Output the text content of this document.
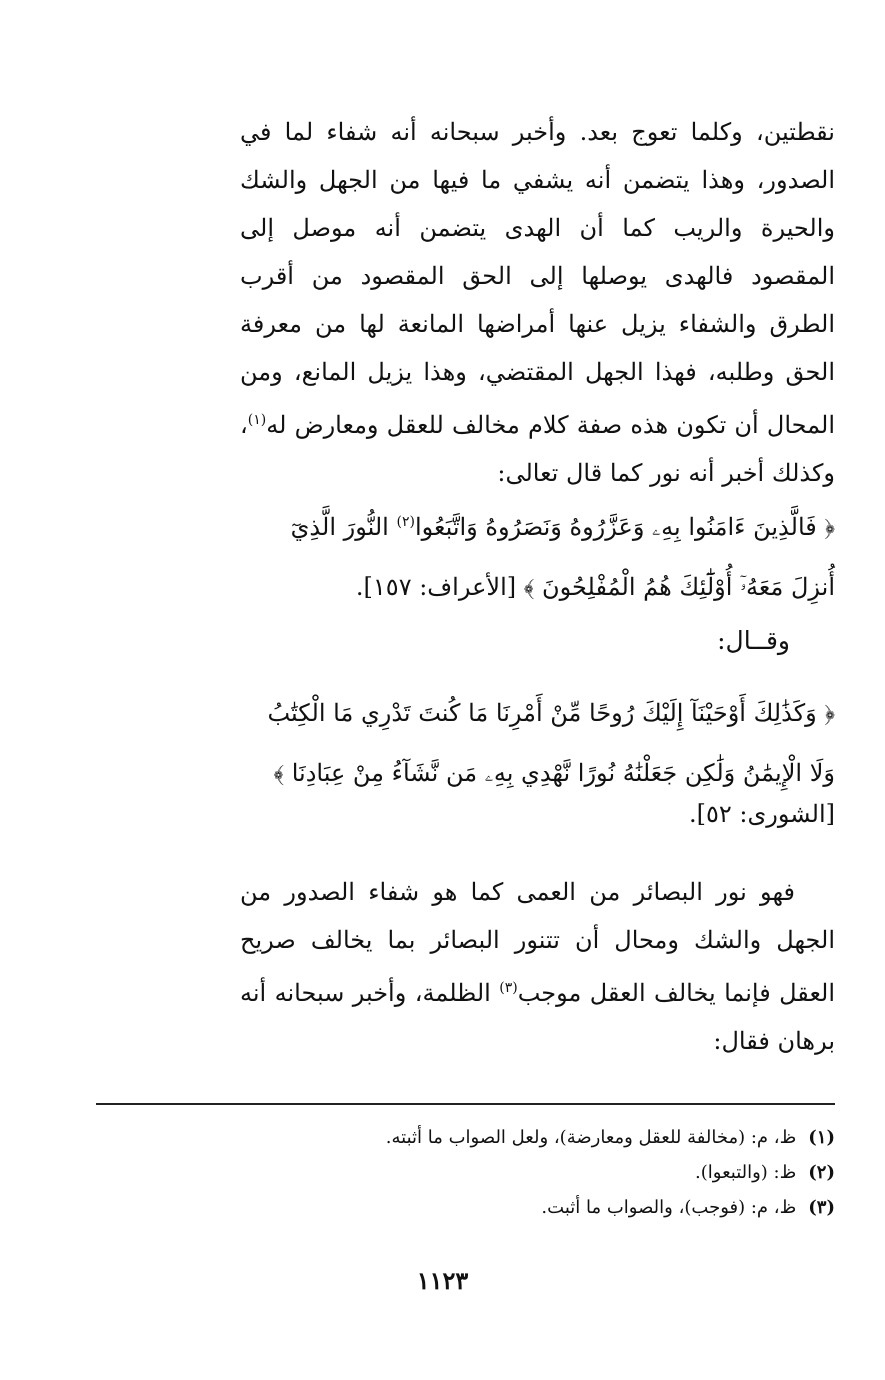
نقطتين، وكلما تعوج بعد. وأخبر سبحانه أنه شفاء لما في الصدور، وهذا يتضمن أنه يشفي ما فيها من الجهل والشك والحيرة والريب كما أن الهدى يتضمن أنه موصل إلى المقصود فالهدى يوصلها إلى الحق المقصود من أقرب الطرق والشفاء يزيل عنها أمراضها المانعة لها من معرفة الحق وطلبه، فهذا الجهل المقتضي، وهذا يزيل المانع، ومن المحال أن تكون هذه صفة كلام مخالف للعقل ومعارض له$^{(١)}$، وكذلك أخبر أنه نور كما قال تعالى:

﴿ فَالَّذِينَ ءَامَنُوا بِهِۦ وَعَزَّرُوهُ وَنَصَرُوهُ وَاتَّبَعُوا$^{(٢)}$ النُّورَ الَّذِيٓ أُنزِلَ مَعَهُۥٓ أُوْلَٰٓئِكَ هُمُ الْمُفْلِحُونَ ﴾ [الأعراف: ١٥٧].

وقــال:

﴿ وَكَذَٰلِكَ أَوْحَيْنَآ إِلَيْكَ رُوحًا مِّنْ أَمْرِنَا مَا كُنتَ تَدْرِي مَا الْكِتَٰبُ وَلَا الْإِيمَٰنُ وَلَٰكِن جَعَلْنَٰهُ نُورًا نَّهْدِي بِهِۦ مَن نَّشَآءُ مِنْ عِبَادِنَا ﴾

[الشورى: ٥٢].

فهو نور البصائر من العمى كما هو شفاء الصدور من الجهل والشك ومحال أن تتنور البصائر بما يخالف صريح العقل فإنما يخالف العقل موجب$^{(٣)}$ الظلمة، وأخبر سبحانه أنه برهان فقال:

(١)ظ، م: (مخالفة للعقل ومعارضة)، ولعل الصواب ما أثبته.
(٢)ظ: (والتبعوا).
(٣)ظ، م: (فوجب)، والصواب ما أثبت.
١١٢٣
